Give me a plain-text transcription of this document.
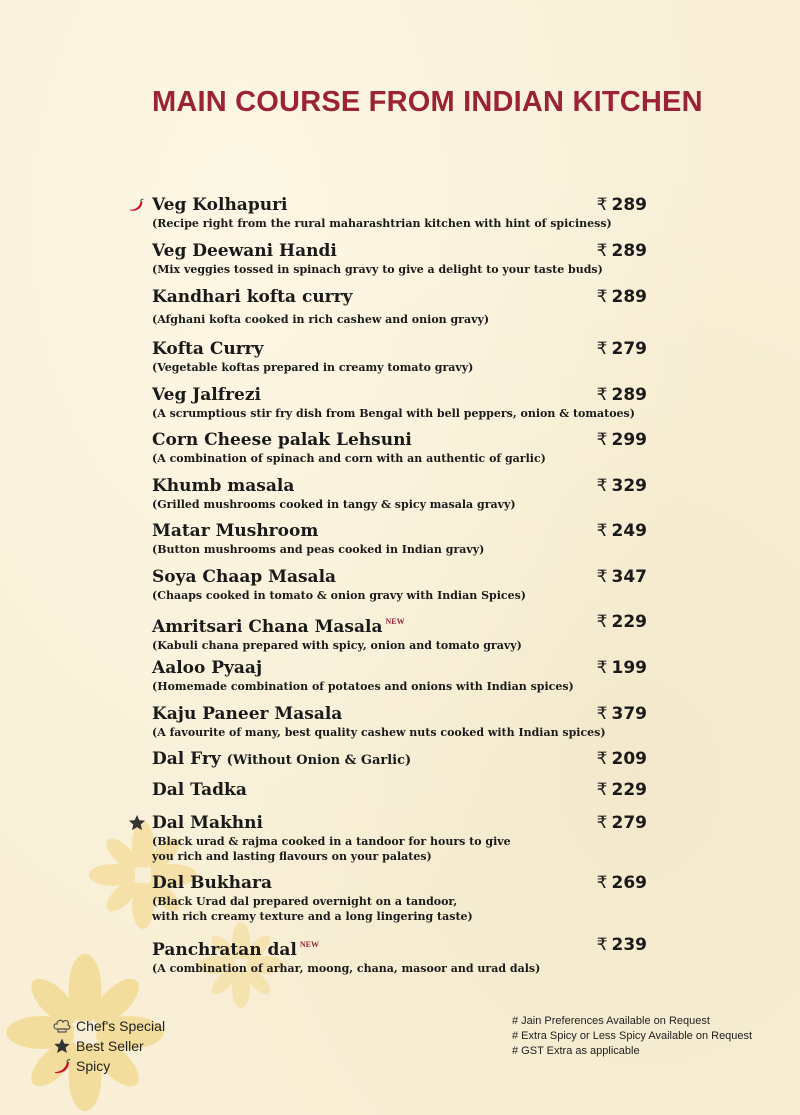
MAIN COURSE FROM INDIAN KITCHEN
Veg Kolhapuri
(Recipe right from the rural maharashtrian kitchen with hint of spiciness)
₹ 289
Veg Deewani Handi
(Mix veggies tossed in spinach gravy to give a delight to your taste buds)
₹ 289
Kandhari kofta curry
(Afghani kofta cooked in rich cashew and onion gravy)
₹ 289
Kofta Curry
(Vegetable koftas prepared in creamy tomato gravy)
₹ 279
Veg Jalfrezi
(A scrumptious stir fry dish from Bengal with bell peppers, onion & tomatoes)
₹ 289
Corn Cheese palak Lehsuni
(A combination of spinach and corn with an authentic of garlic)
₹ 299
Khumb masala
(Grilled mushrooms cooked in tangy & spicy masala gravy)
₹ 329
Matar Mushroom
(Button mushrooms and peas cooked in Indian gravy)
₹ 249
Soya Chaap Masala
(Chaaps cooked in tomato & onion gravy with Indian Spices)
₹ 347
Amritsari Chana Masala $^{NEW}$
(Kabuli chana prepared with spicy, onion and tomato gravy)
₹ 229
Aaloo Pyaaj
(Homemade combination of potatoes and onions with Indian spices)
₹ 199
Kaju Paneer Masala
(A favourite of many, best quality cashew nuts cooked with Indian spices)
₹ 379
Dal Fry (Without Onion & Garlic)	₹ 209
Dal Tadka	₹ 229
Dal Makhni
(Black urad & rajma cooked in a tandoor for hours to give
you rich and lasting flavours on your palates)
₹ 279
Dal Bukhara
(Black Urad dal prepared overnight on a tandoor,
with rich creamy texture and a long lingering taste)
₹ 269
Panchratan dal $^{NEW}$
(A combination of arhar, moong, chana, masoor and urad dals)
₹ 239
Chef's Special
Best Seller
Spicy
# Jain Preferences Available on Request
# Extra Spicy or Less Spicy Available on Request
# GST Extra as applicable
